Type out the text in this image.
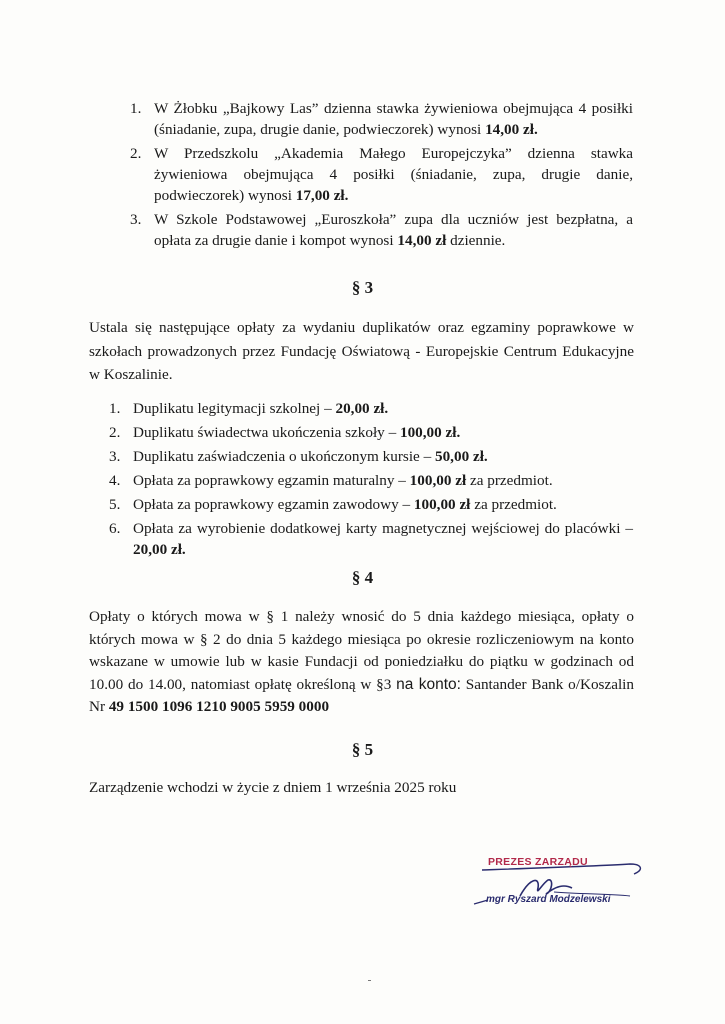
1. W Żłobku „Bajkowy Las” dzienna stawka żywieniowa obejmująca 4 posiłki (śniadanie, zupa, drugie danie, podwieczorek) wynosi 14,00 zł.
2. W Przedszkolu „Akademia Małego Europejczyka” dzienna stawka żywieniowa obejmująca 4 posiłki (śniadanie, zupa, drugie danie, podwieczorek) wynosi 17,00 zł.
3. W Szkole Podstawowej „Euroszkoła” zupa dla uczniów jest bezpłatna, a opłata za drugie danie i kompot wynosi 14,00 zł dziennie.
§ 3

Ustala się następujące opłaty za wydaniu duplikatów oraz egzaminy poprawkowe w szkołach prowadzonych przez Fundację Oświatową - Europejskie Centrum Edukacyjne w Koszalinie.

1. Duplikatu legitymacji szkolnej – 20,00 zł.
2. Duplikatu świadectwa ukończenia szkoły – 100,00 zł.
3. Duplikatu zaświadczenia o ukończonym kursie – 50,00 zł.
4. Opłata za poprawkowy egzamin maturalny – 100,00 zł za przedmiot.
5. Opłata za poprawkowy egzamin zawodowy – 100,00 zł za przedmiot.
6. Opłata za wyrobienie dodatkowej karty magnetycznej wejściowej do placówki – 20,00 zł.
§ 4

Opłaty o których mowa w § 1 należy wnosić do 5 dnia każdego miesiąca, opłaty o których mowa w § 2 do dnia 5 każdego miesiąca po okresie rozliczeniowym na konto wskazane w umowie lub w kasie Fundacji od poniedziałku do piątku w godzinach od 10.00 do 14.00, natomiast opłatę określoną w §3 na konto: Santander Bank o/Koszalin Nr 49 1500 1096 1210 9005 5959 0000

§ 5

Zarządzenie wchodzi w życie z dniem 1 września 2025 roku

PREZES ZARZĄDU
mgr Ryszard Modzelewski
